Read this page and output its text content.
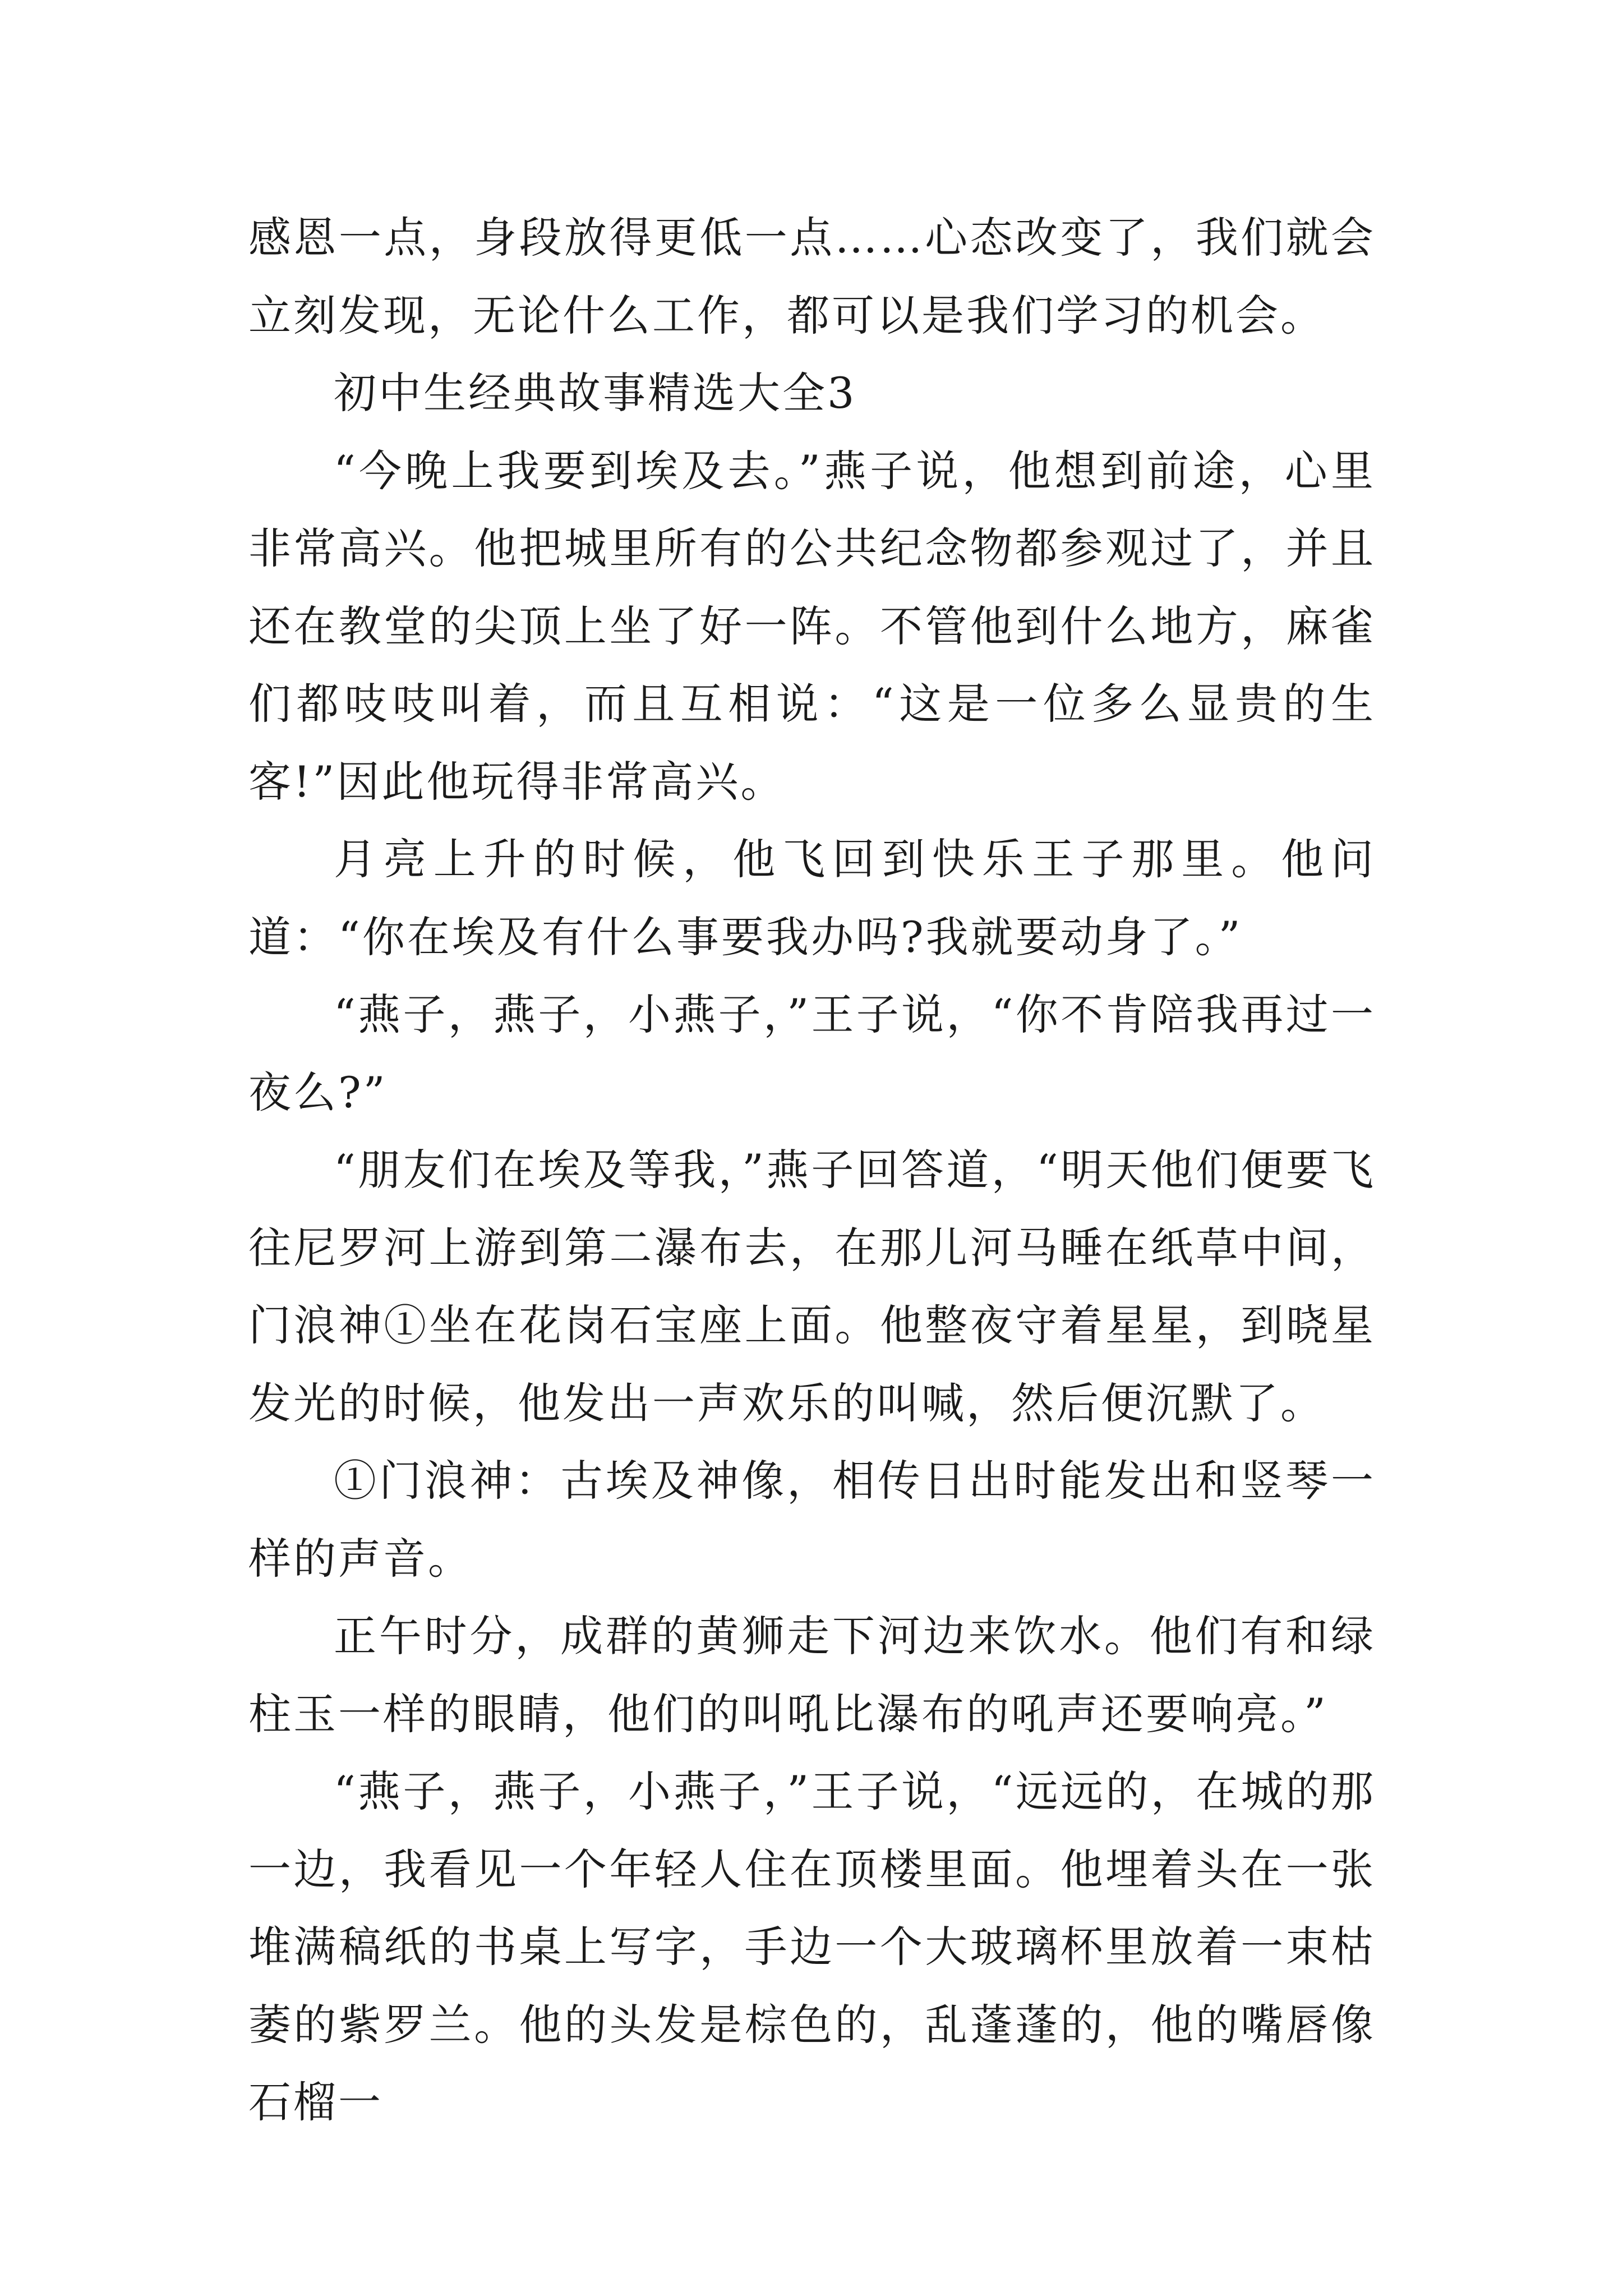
感恩一点，身段放得更低一点……心态改变了，我们就会立刻发现，无论什么工作，都可以是我们学习的机会。

初中生经典故事精选大全3

“今晚上我要到埃及去。”燕子说，他想到前途，心里非常高兴。他把城里所有的公共纪念物都参观过了，并且还在教堂的尖顶上坐了好一阵。不管他到什么地方，麻雀们都吱吱叫着，而且互相说：“这是一位多么显贵的生客!”因此他玩得非常高兴。

月亮上升的时候，他飞回到快乐王子那里。他问道：“你在埃及有什么事要我办吗?我就要动身了。”

“燕子，燕子，小燕子，”王子说，“你不肯陪我再过一夜么?”

“朋友们在埃及等我，”燕子回答道，“明天他们便要飞往尼罗河上游到第二瀑布去，在那儿河马睡在纸草中间，门浪神①坐在花岗石宝座上面。他整夜守着星星，到晓星发光的时候，他发出一声欢乐的叫喊，然后便沉默了。

①门浪神：古埃及神像，相传日出时能发出和竖琴一样的声音。

正午时分，成群的黄狮走下河边来饮水。他们有和绿柱玉一样的眼睛，他们的叫吼比瀑布的吼声还要响亮。”

“燕子，燕子，小燕子，”王子说，“远远的，在城的那一边，我看见一个年轻人住在顶楼里面。他埋着头在一张堆满稿纸的书桌上写字，手边一个大玻璃杯里放着一束枯萎的紫罗兰。他的头发是棕色的，乱蓬蓬的，他的嘴唇像石榴一
